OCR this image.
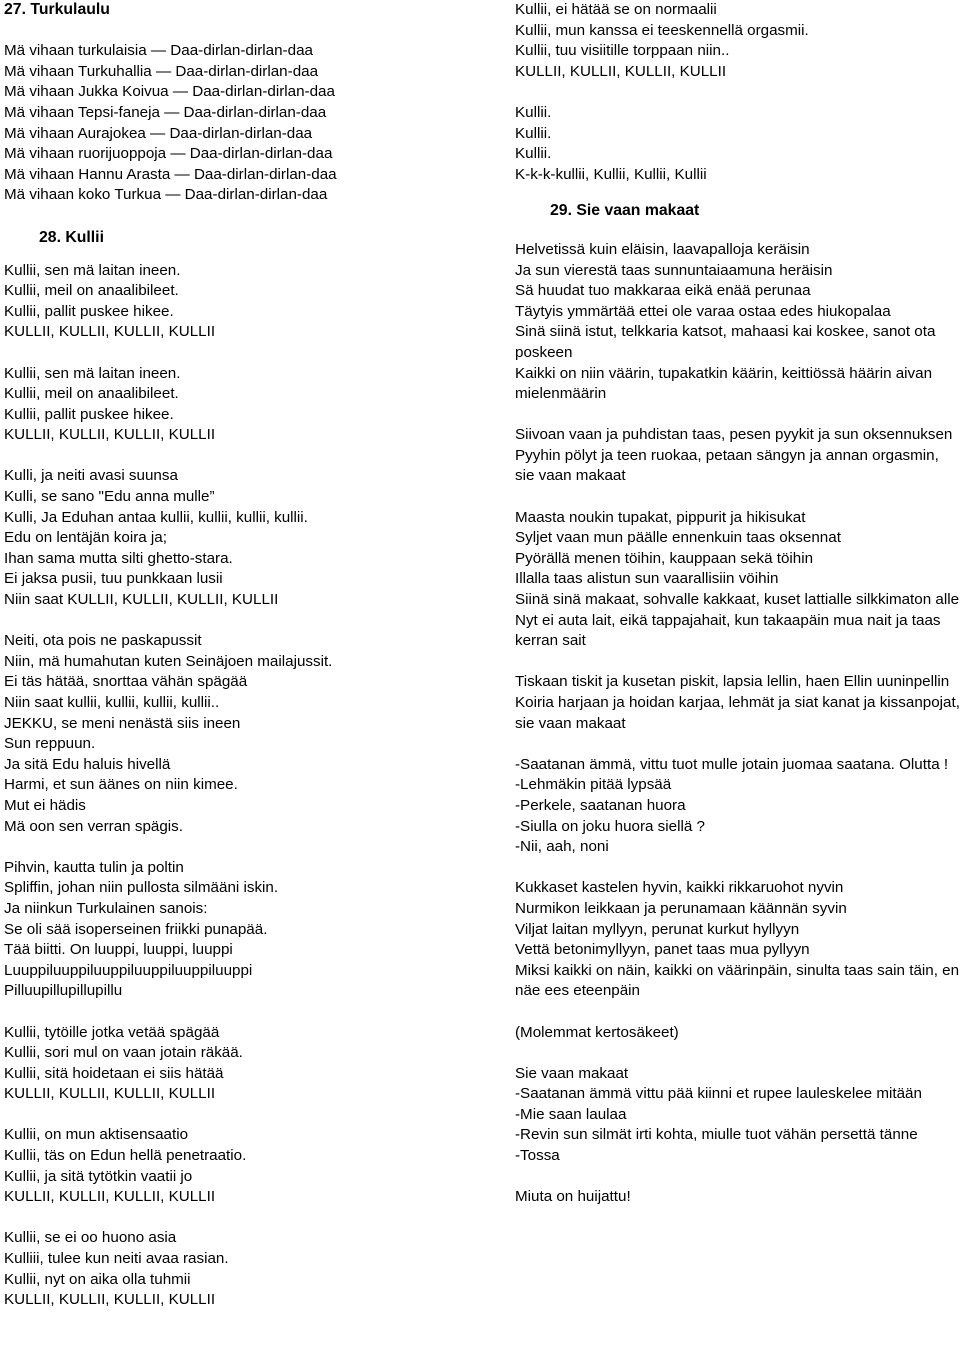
27. Turkulaulu
Mä vihaan turkulaisia — Daa-dirlan-dirlan-daa
Mä vihaan Turkuhallia — Daa-dirlan-dirlan-daa
Mä vihaan Jukka Koivua — Daa-dirlan-dirlan-daa
Mä vihaan Tepsi-faneja — Daa-dirlan-dirlan-daa
Mä vihaan Aurajokea — Daa-dirlan-dirlan-daa
Mä vihaan ruorijuoppoja — Daa-dirlan-dirlan-daa
Mä vihaan Hannu Arasta — Daa-dirlan-dirlan-daa
Mä vihaan koko Turkua — Daa-dirlan-dirlan-daa
28. Kullii
Kullii, sen mä laitan ineen.
Kullii, meil on anaalibileet.
Kullii, pallit puskee hikee.
KULLII, KULLII, KULLII, KULLII
Kullii, sen mä laitan ineen.
Kullii, meil on anaalibileet.
Kullii, pallit puskee hikee.
KULLII, KULLII, KULLII, KULLII
Kulli, ja neiti avasi suunsa
Kulli, se sano "Edu anna mulle”
Kulli, Ja Eduhan antaa kullii, kullii, kullii, kullii.
Edu on lentäjän koira ja;
Ihan sama mutta silti ghetto-stara.
Ei jaksa pusii, tuu punkkaan lusii
Niin saat KULLII, KULLII, KULLII, KULLII
Neiti, ota pois ne paskapussit
Niin, mä humahutan kuten Seinäjoen mailajussit.
Ei täs hätää, snorttaa vähän spägää
Niin saat kullii, kullii, kullii, kullii..
JEKKU, se meni nenästä siis ineen
Sun reppuun.
Ja sitä Edu haluis hivellä
Harmi, et sun äänes on niin kimee.
Mut ei hädis
Mä oon sen verran spägis.
Pihvin, kautta tulin ja poltin
Spliffin, johan niin pullosta silmääni iskin.
Ja niinkun Turkulainen sanois:
Se oli sää isoperseinen friikki punapää.
Tää biitti. On luuppi, luuppi, luuppi
Luuppiluuppiluuppiluuppiluuppiluuppi
Pilluupillupillupillu
Kullii, tytöille jotka vetää spägää
Kullii, sori mul on vaan jotain räkää.
Kullii, sitä hoidetaan ei siis hätää
KULLII, KULLII, KULLII, KULLII
Kullii, on mun aktisensaatio
Kullii, täs on Edun hellä penetraatio.
Kullii, ja sitä tytötkin vaatii jo
KULLII, KULLII, KULLII, KULLII
Kullii, se ei oo huono asia
Kulliii, tulee kun neiti avaa rasian.
Kullii, nyt on aika olla tuhmii
KULLII, KULLII, KULLII, KULLII
Kullii, ei hätää se on normaalii
Kullii, mun kanssa ei teeskennellä orgasmii.
Kullii, tuu visiitille torppaan niin..
KULLII, KULLII, KULLII, KULLII
Kullii.
Kullii.
Kullii.
K-k-k-kullii, Kullii, Kullii, Kullii
29. Sie vaan makaat
Helvetissä kuin eläisin, laavapalloja keräisin
Ja sun vierestä taas sunnuntaiaamuna heräisin
Sä huudat tuo makkaraa eikä enää perunaa
Täytyis ymmärtää ettei ole varaa ostaa edes hiukopalaa
Sinä siinä istut, telkkaria katsot, mahaasi kai koskee, sanot ota poskeen
Kaikki on niin väärin, tupakatkin käärin, keittiössä häärin aivan mielenmäärin
Siivoan vaan ja puhdistan taas, pesen pyykit ja sun oksennuksen
Pyyhin pölyt ja teen ruokaa, petaan sängyn ja annan orgasmin, sie vaan makaat
Maasta noukin tupakat, pippurit ja hikisukat
Syljet vaan mun päälle ennenkuin taas oksennat
Pyörällä menen töihin, kauppaan sekä töihin
Illalla taas alistun sun vaarallisiin vöihin
Siinä sinä makaat, sohvalle kakkaat, kuset lattialle silkkimaton alle
Nyt ei auta lait, eikä tappajahait, kun takaapäin mua nait ja taas kerran sait
Tiskaan tiskit ja kusetan piskit, lapsia lellin, haen Ellin uuninpellin
Koiria harjaan ja hoidan karjaa, lehmät ja siat kanat ja kissanpojat, sie vaan makaat
-Saatanan ämmä, vittu tuot mulle jotain juomaa saatana. Olutta !
-Lehmäkin pitää lypsää
-Perkele, saatanan huora
-Siulla on joku huora siellä ?
-Nii, aah, noni
Kukkaset kastelen hyvin, kaikki rikkaruohot nyvin
Nurmikon leikkaan ja perunamaan käännän syvin
Viljat laitan myllyyn, perunat kurkut hyllyyn
Vettä betonimyllyyn, panet taas mua pyllyyn
Miksi kaikki on näin, kaikki on väärinpäin, sinulta taas sain täin, en näe ees eteenpäin
(Molemmat kertosäkeet)
Sie vaan makaat
-Saatanan ämmä vittu pää kiinni et rupee lauleskelee mitään
-Mie saan laulaa
-Revin sun silmät irti kohta, miulle tuot vähän persettä tänne
-Tossa
Miuta on huijattu!
